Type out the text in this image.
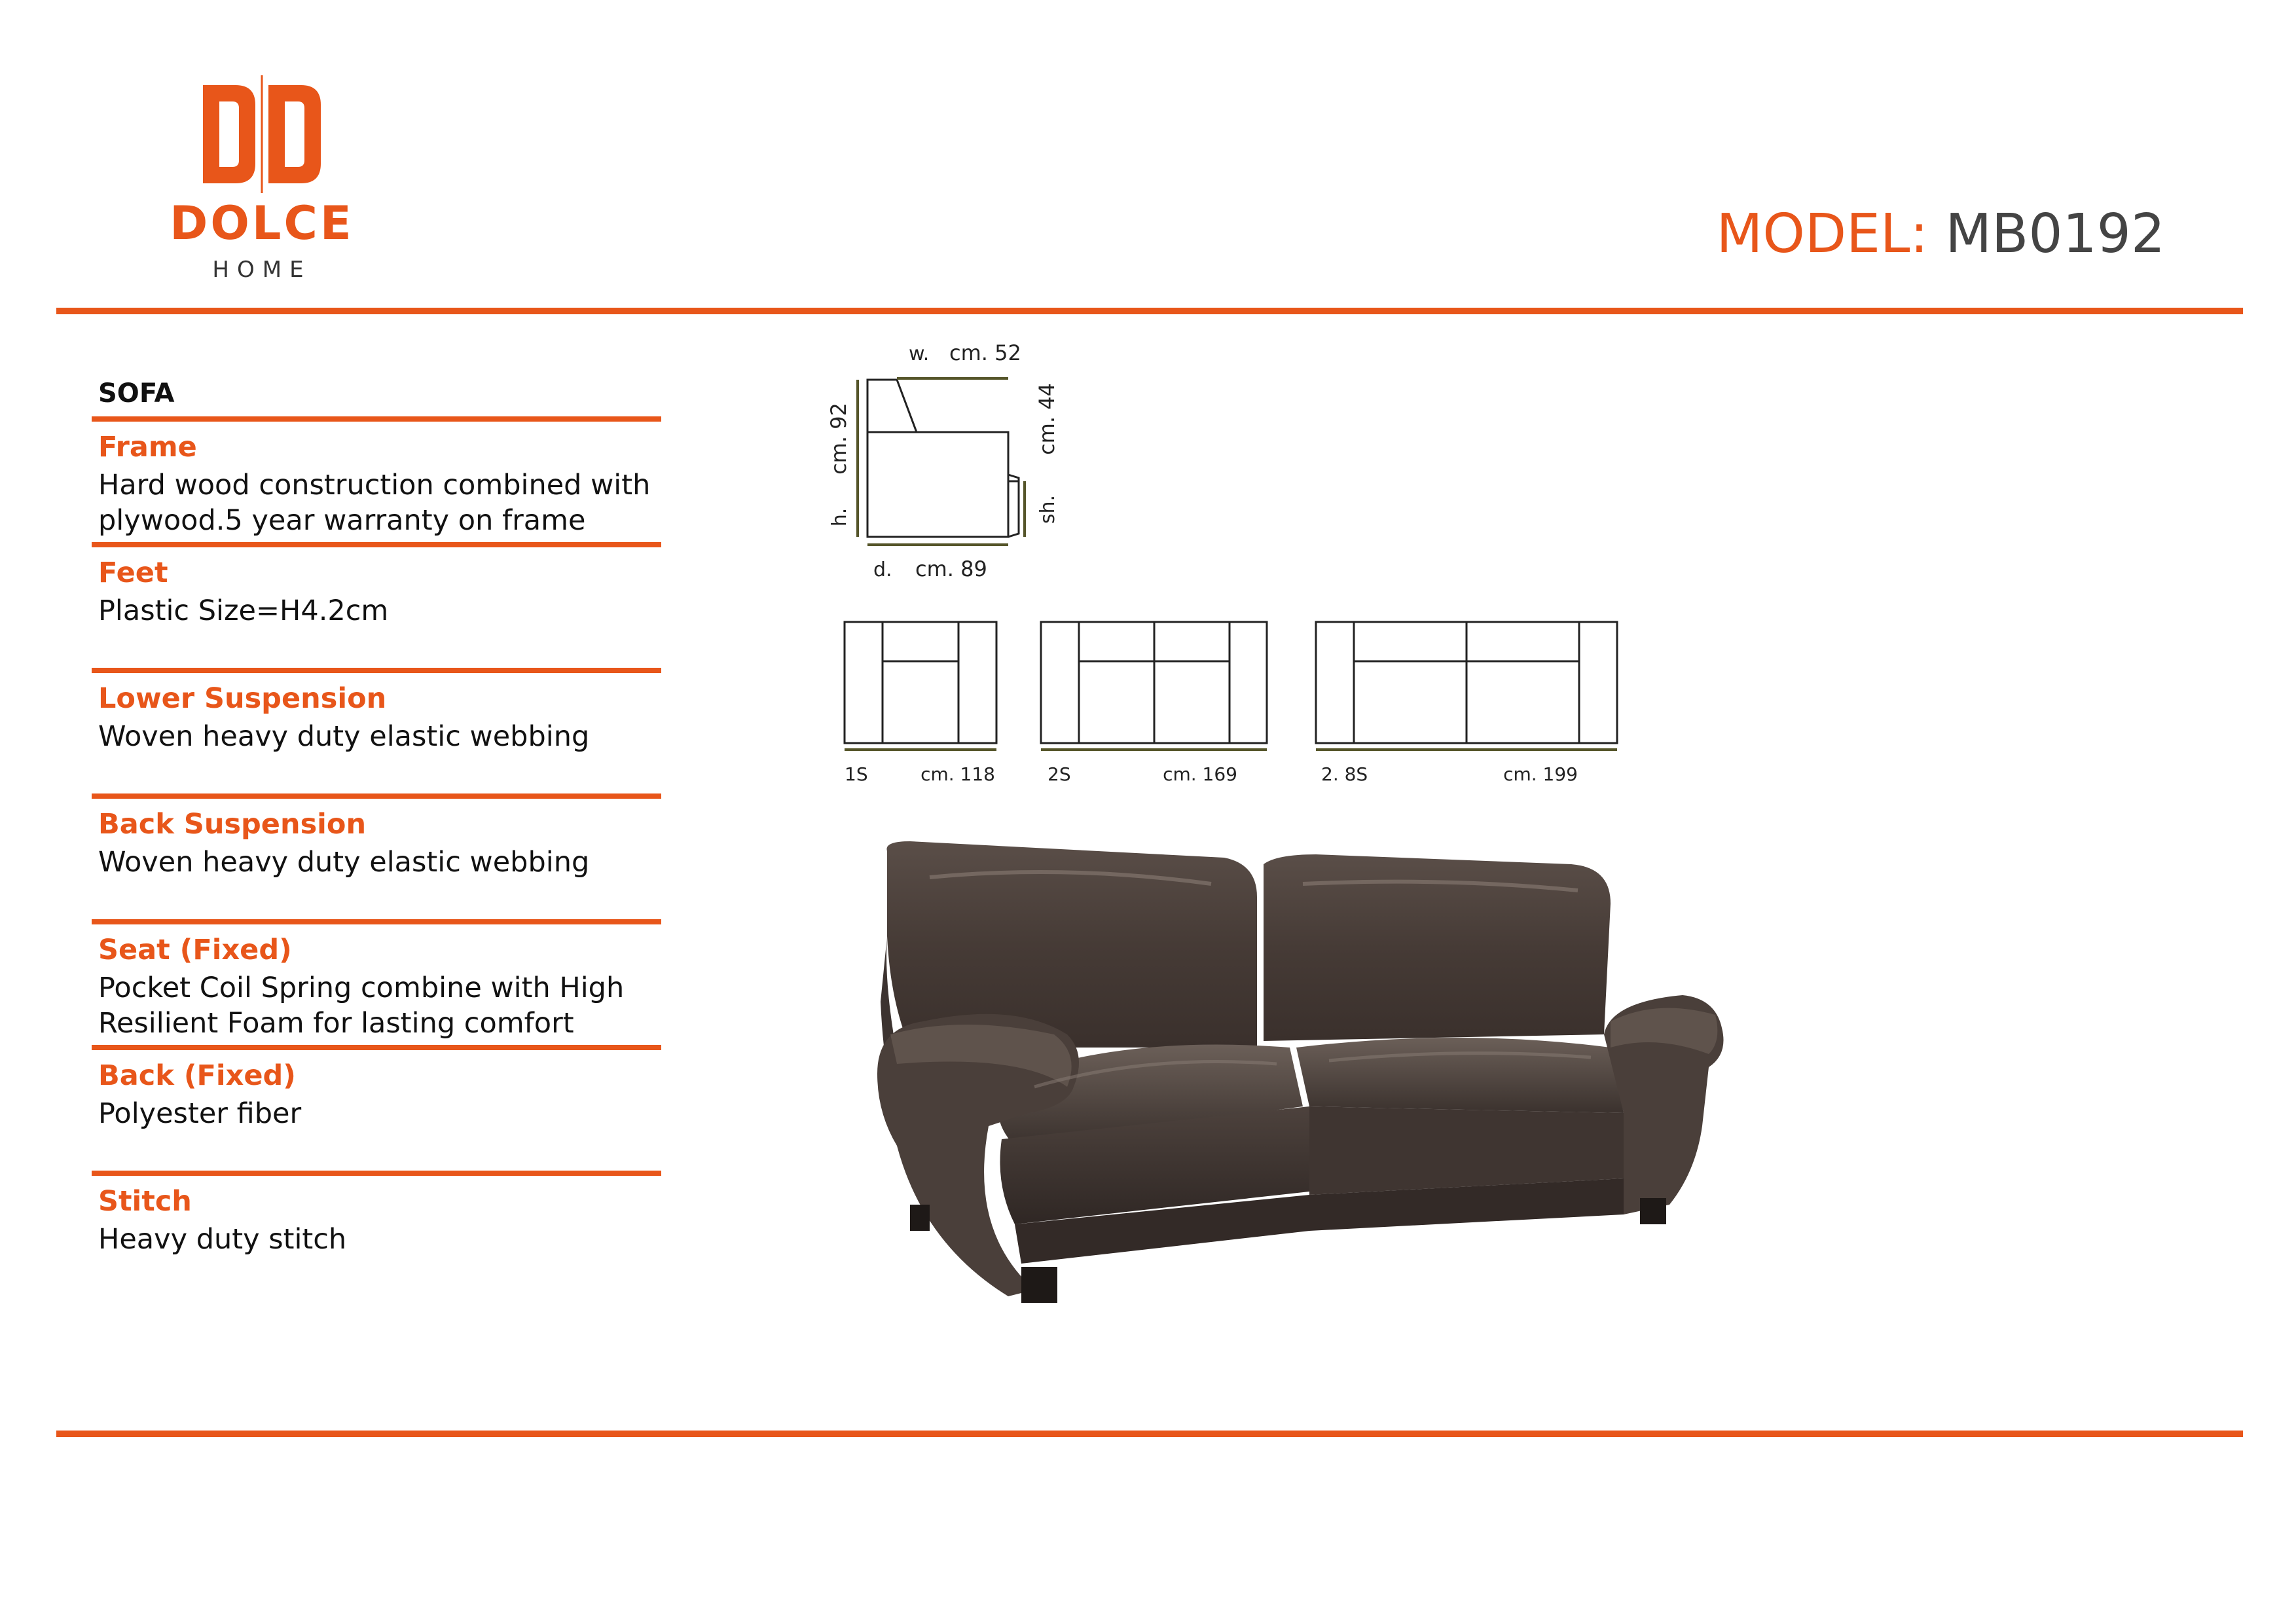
DOLCE
HOME
MODEL: MB0192
SOFA
Frame
Hard wood construction combined with plywood.5 year warranty on frame
Feet
Plastic Size=H4.2cm
Lower Suspension
Woven heavy duty elastic webbing
Back Suspension
Woven heavy duty elastic webbing
Seat (Fixed)
Pocket Coil Spring combine with High Resilient Foam for lasting comfort
Back (Fixed)
Polyester fiber
Stitch
Heavy duty stitch
w. cm. 52
d. cm. 89
h.
cm. 92
sh.
cm. 44
1S	cm. 118	2S	cm. 169	2. 8S	cm. 199
